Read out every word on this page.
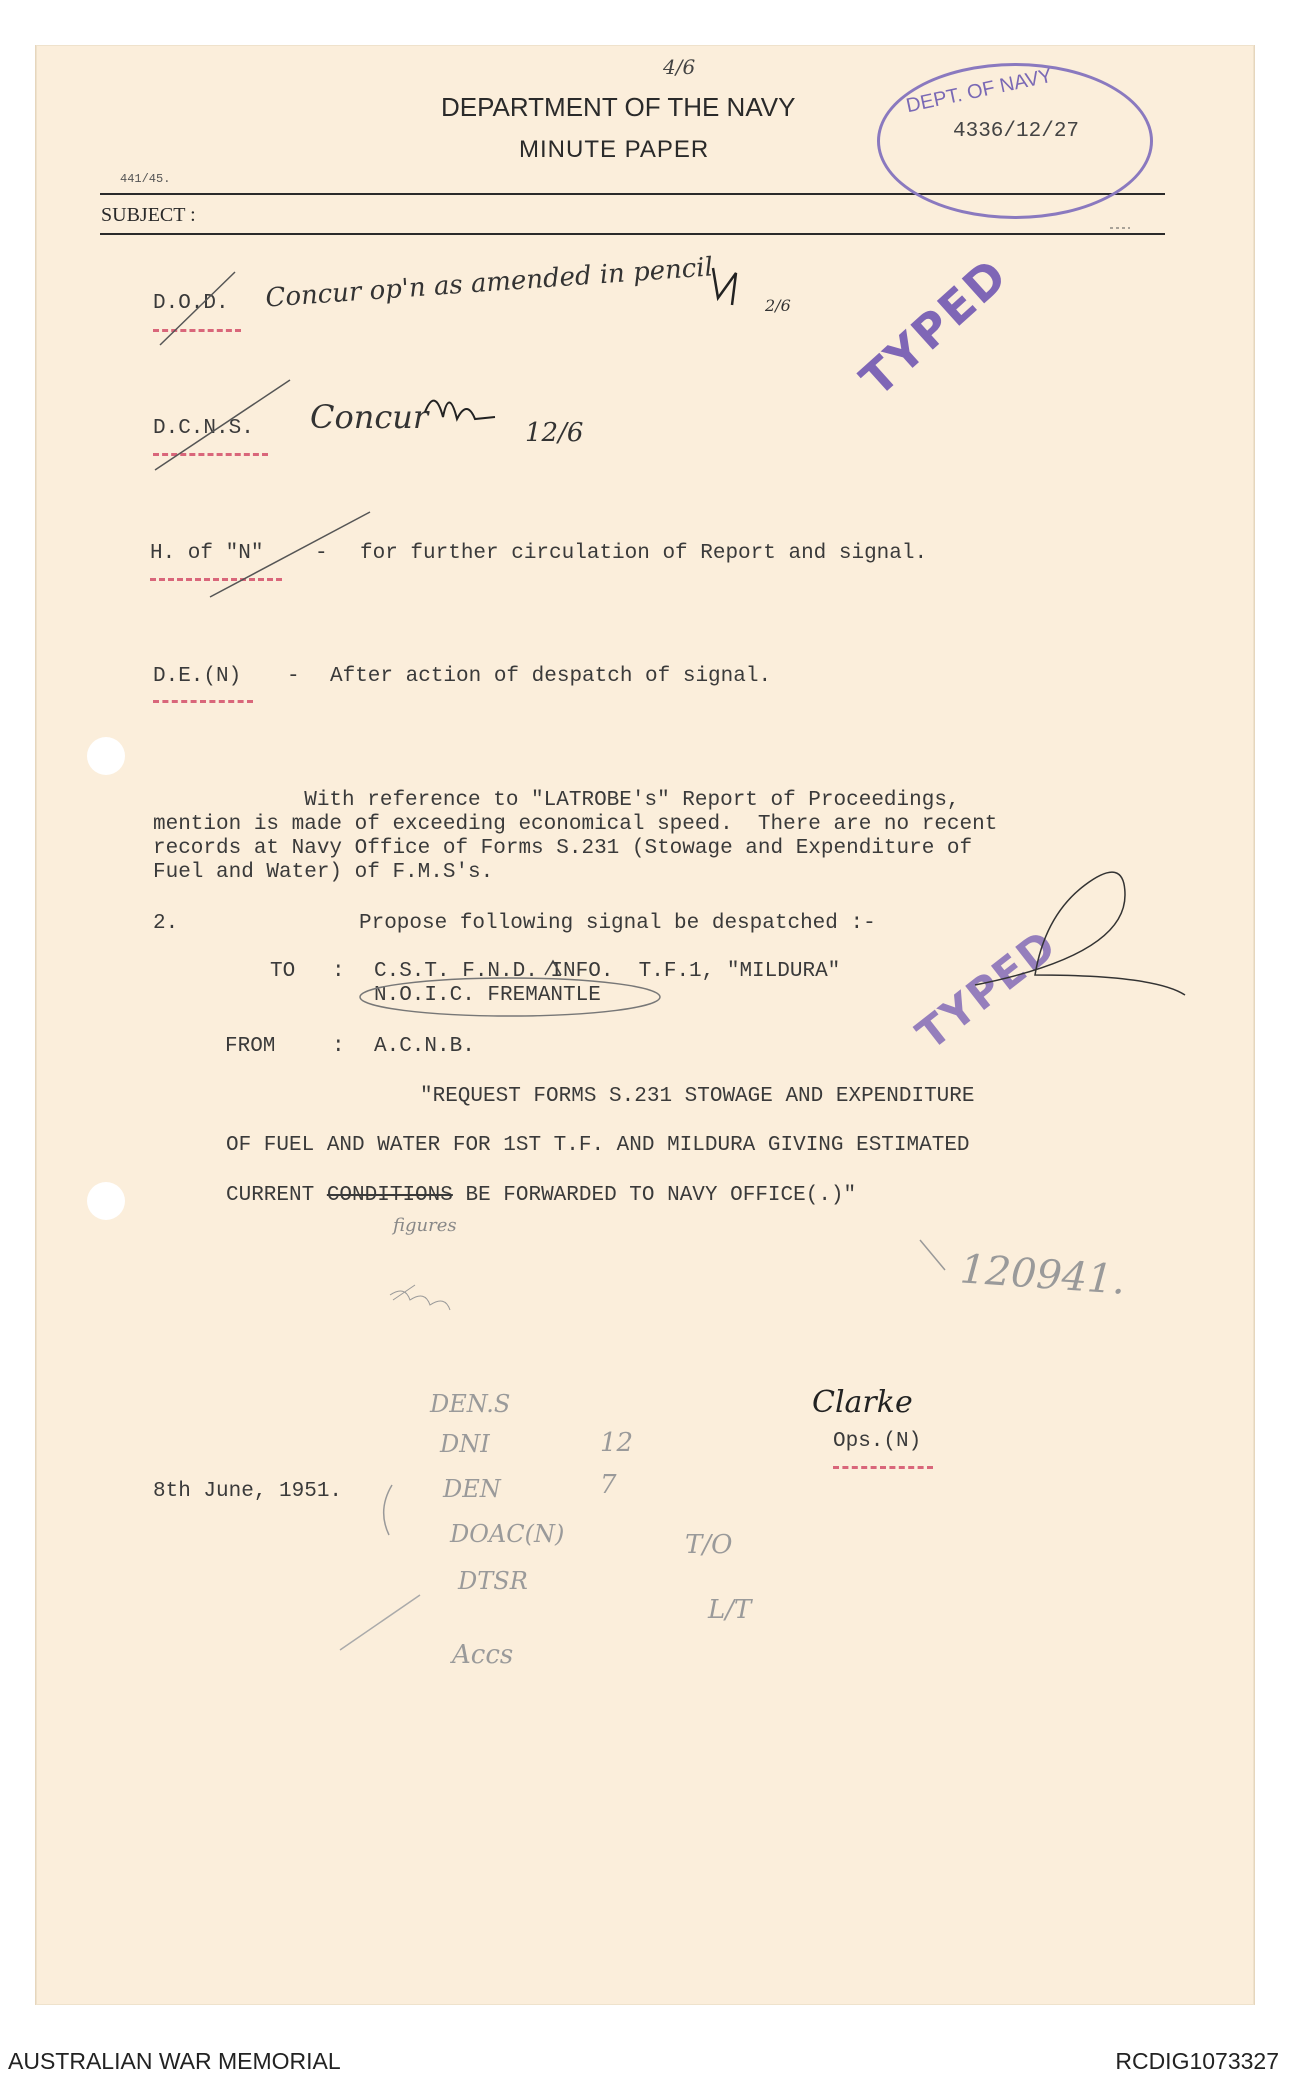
4/6
DEPARTMENT OF THE NAVY
MINUTE PAPER
441/45.
SUBJECT :
DEPT. OF NAVY
4336/12/27
D.O.D. Concur op'n as amended in pencil	2/6
D.C.N.S. Concur	12/6
H. of "N" - for further circulation of Report and signal.
D.E.(N) - After action of despatch of signal.
TYPED
TYPED
With reference to "LATROBE's" Report of Proceedings,
mention is made of exceeding economical speed.  There are no recent
records at Navy Office of Forms S.231 (Stowage and Expenditure of
Fuel and Water) of F.M.S's.
2.	Propose following signal be despatched :-
TO : C.S.T. F.N.D. INFO.  T.F.1, "MILDURA"
N.O.I.C. FREMANTLE
FROM	: A.C.N.B.
"REQUEST FORMS S.231 STOWAGE AND EXPENDITURE
OF FUEL AND WATER FOR 1ST T.F. AND MILDURA GIVING ESTIMATED
CURRENT CONDITIONS BE FORWARDED TO NAVY OFFICE(.)"
figures
120941.
Clarke
Ops.(N)
8th June, 1951.
DEN.S
DNI
DEN
DOAC(N)
DTSR
Accs
12
7
T/O
L/T
AUSTRALIAN WAR MEMORIAL	RCDIG1073327
